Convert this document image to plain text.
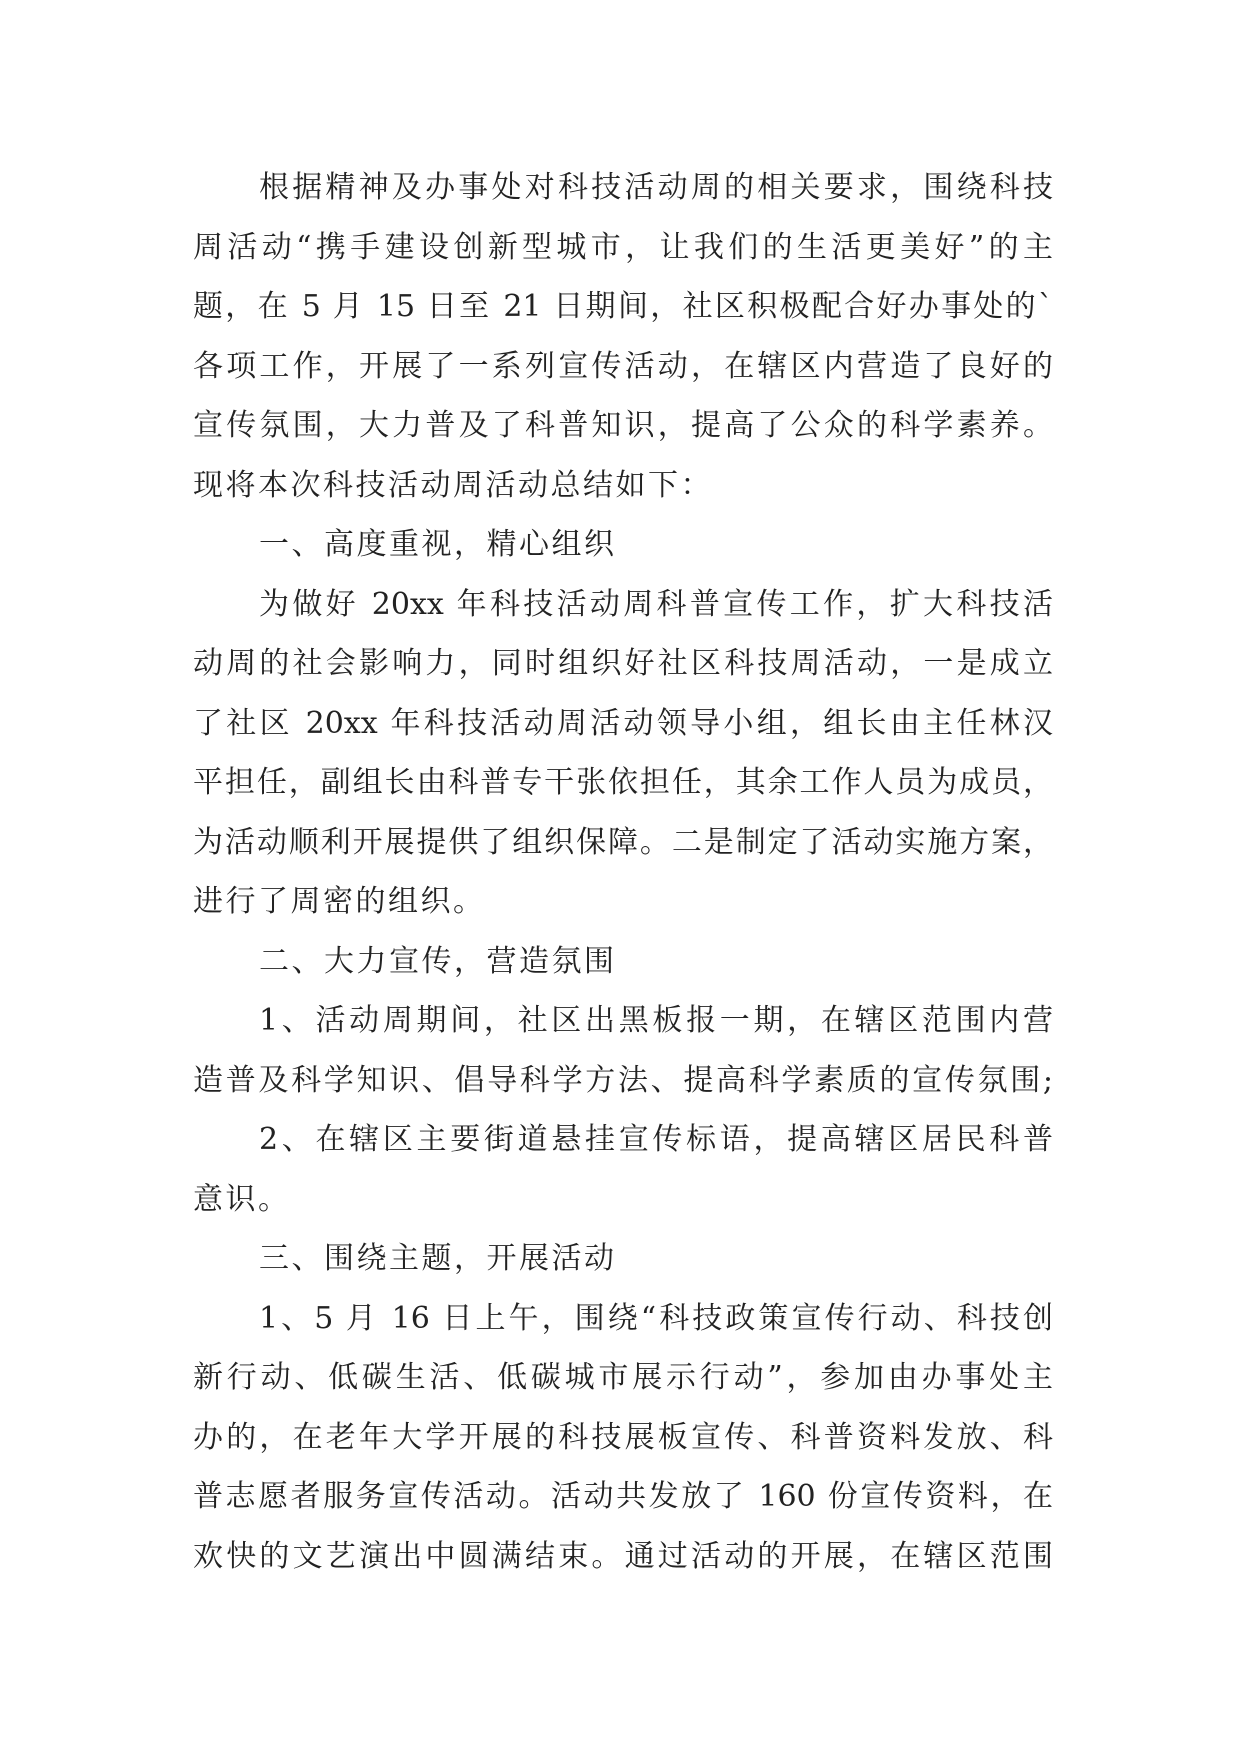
根据精神及办事处对科技活动周的相关要求，围绕科技
周活动“携手建设创新型城市，让我们的生活更美好”的主
题，在 5 月 15 日至 21 日期间，社区积极配合好办事处的`
各项工作，开展了一系列宣传活动，在辖区内营造了良好的
宣传氛围，大力普及了科普知识，提高了公众的科学素养。
现将本次科技活动周活动总结如下：
一、高度重视，精心组织
为做好 20xx 年科技活动周科普宣传工作，扩大科技活
动周的社会影响力，同时组织好社区科技周活动，一是成立
了社区 20xx 年科技活动周活动领导小组，组长由主任林汉
平担任，副组长由科普专干张依担任，其余工作人员为成员，
为活动顺利开展提供了组织保障。二是制定了活动实施方案，
进行了周密的组织。
二、大力宣传，营造氛围
1、活动周期间，社区出黑板报一期，在辖区范围内营
造普及科学知识、倡导科学方法、提高科学素质的宣传氛围;
2、在辖区主要街道悬挂宣传标语，提高辖区居民科普
意识。
三、围绕主题，开展活动
1、5 月 16 日上午，围绕“科技政策宣传行动、科技创
新行动、低碳生活、低碳城市展示行动”，参加由办事处主
办的，在老年大学开展的科技展板宣传、科普资料发放、科
普志愿者服务宣传活动。活动共发放了 160 份宣传资料，在
欢快的文艺演出中圆满结束。通过活动的开展，在辖区范围
